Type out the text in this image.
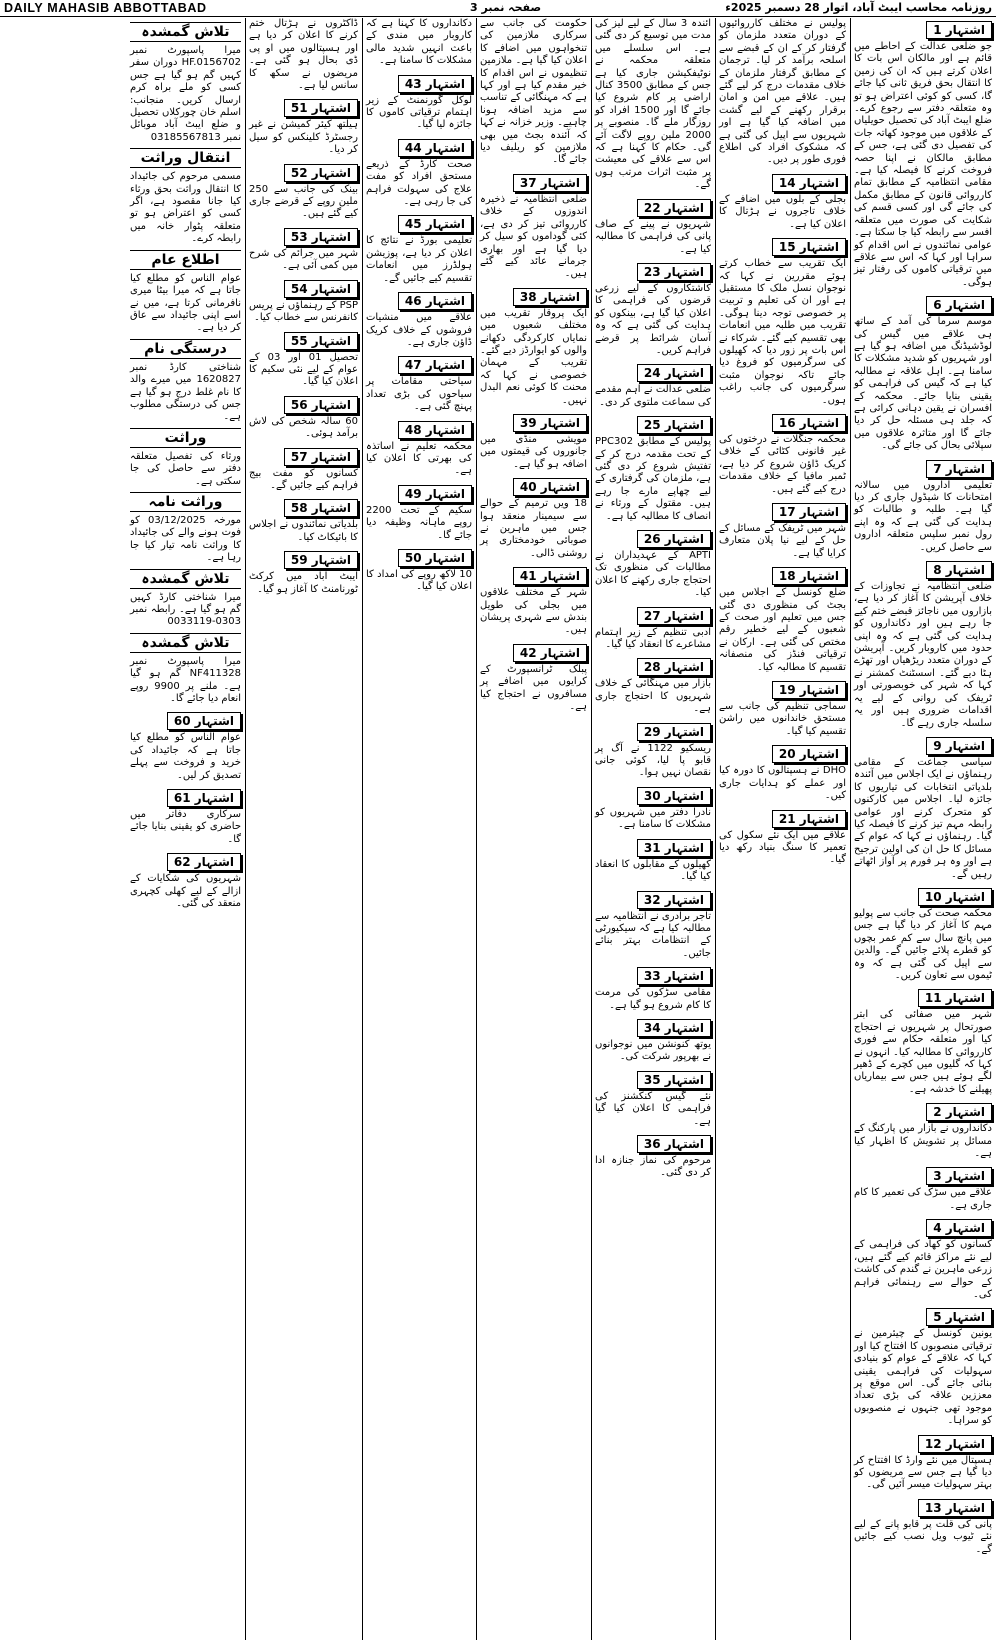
DAILY MAHASIB ABBOTTABAD	صفحہ نمبر 3	روزنامہ محاسب ایبٹ آباد، اتوار 28 دسمبر 2025ء
اشتہار 1
جو ضلعی عدالت کے احاطے میں قائم ہے اور مالکان اس بات کا اعلان کرتے ہیں کہ ان کی زمین کا انتقال بحق فریق ثانی کیا جائے گا، کسی کو کوئی اعتراض ہو تو وہ متعلقہ دفتر سے رجوع کرے۔ ضلع ایبٹ آباد کی تحصیل حویلیاں کے علاقوں میں موجود کھاتہ جات کی تفصیل دی گئی ہے، جس کے مطابق مالکان نے اپنا حصہ فروخت کرنے کا فیصلہ کیا ہے۔ مقامی انتظامیہ کے مطابق تمام کارروائی قانون کے مطابق مکمل کی جائے گی اور کسی قسم کی شکایت کی صورت میں متعلقہ افسر سے رابطہ کیا جا سکتا ہے۔ عوامی نمائندوں نے اس اقدام کو سراہا اور کہا کہ اس سے علاقے میں ترقیاتی کاموں کی رفتار تیز ہوگی۔
اشتہار 6
موسم سرما کی آمد کے ساتھ ہی علاقے میں گیس کی لوڈشیڈنگ میں اضافہ ہو گیا ہے اور شہریوں کو شدید مشکلات کا سامنا ہے۔ اہل علاقہ نے مطالبہ کیا ہے کہ گیس کی فراہمی کو یقینی بنایا جائے۔ محکمہ کے افسران نے یقین دہانی کرائی ہے کہ جلد ہی مسئلہ حل کر دیا جائے گا اور متاثرہ علاقوں میں سپلائی بحال کی جائے گی۔
اشتہار 7
تعلیمی اداروں میں سالانہ امتحانات کا شیڈول جاری کر دیا گیا ہے۔ طلبہ و طالبات کو ہدایت کی گئی ہے کہ وہ اپنے رول نمبر سلپس متعلقہ اداروں سے حاصل کریں۔
اشتہار 8
ضلعی انتظامیہ نے تجاوزات کے خلاف آپریشن کا آغاز کر دیا ہے، بازاروں میں ناجائز قبضے ختم کیے جا رہے ہیں اور دکانداروں کو ہدایت کی گئی ہے کہ وہ اپنی حدود میں کاروبار کریں۔ آپریشن کے دوران متعدد ریڑھیاں اور تھڑے ہٹا دیے گئے۔ اسسٹنٹ کمشنر نے کہا کہ شہر کی خوبصورتی اور ٹریفک کی روانی کے لیے یہ اقدامات ضروری ہیں اور یہ سلسلہ جاری رہے گا۔
اشتہار 9
سیاسی جماعت کے مقامی رہنماؤں نے ایک اجلاس میں آئندہ بلدیاتی انتخابات کی تیاریوں کا جائزہ لیا۔ اجلاس میں کارکنوں کو متحرک کرنے اور عوامی رابطہ مہم تیز کرنے کا فیصلہ کیا گیا۔ رہنماؤں نے کہا کہ عوام کے مسائل کا حل ان کی اولین ترجیح ہے اور وہ ہر فورم پر آواز اٹھاتے رہیں گے۔
اشتہار 10
محکمہ صحت کی جانب سے پولیو مہم کا آغاز کر دیا گیا ہے جس میں پانچ سال سے کم عمر بچوں کو قطرے پلائے جائیں گے۔ والدین سے اپیل کی گئی ہے کہ وہ ٹیموں سے تعاون کریں۔
اشتہار 11
شہر میں صفائی کی ابتر صورتحال پر شہریوں نے احتجاج کیا اور متعلقہ حکام سے فوری کارروائی کا مطالبہ کیا۔ انہوں نے کہا کہ گلیوں میں کچرے کے ڈھیر لگے ہوئے ہیں جس سے بیماریاں پھیلنے کا خدشہ ہے۔
اشتہار 2
دکانداروں نے بازار میں پارکنگ کے مسائل پر تشویش کا اظہار کیا ہے۔
اشتہار 3
علاقے میں سڑک کی تعمیر کا کام جاری ہے۔
اشتہار 4
کسانوں کو کھاد کی فراہمی کے لیے نئے مراکز قائم کیے گئے ہیں، زرعی ماہرین نے گندم کی کاشت کے حوالے سے رہنمائی فراہم کی۔
اشتہار 5
یونین کونسل کے چیئرمین نے ترقیاتی منصوبوں کا افتتاح کیا اور کہا کہ علاقے کے عوام کو بنیادی سہولیات کی فراہمی یقینی بنائی جائے گی۔ اس موقع پر معززین علاقہ کی بڑی تعداد موجود تھی جنہوں نے منصوبوں کو سراہا۔
اشتہار 12
ہسپتال میں نئے وارڈ کا افتتاح کر دیا گیا ہے جس سے مریضوں کو بہتر سہولیات میسر آئیں گی۔
اشتہار 13
پانی کی قلت پر قابو پانے کے لیے نئے ٹیوب ویل نصب کیے جائیں گے۔
پولیس نے مختلف کارروائیوں کے دوران متعدد ملزمان کو گرفتار کر کے ان کے قبضے سے اسلحہ برآمد کر لیا۔ ترجمان کے مطابق گرفتار ملزمان کے خلاف مقدمات درج کر لیے گئے ہیں۔ علاقے میں امن و امان برقرار رکھنے کے لیے گشت میں اضافہ کیا گیا ہے اور شہریوں سے اپیل کی گئی ہے کہ مشکوک افراد کی اطلاع فوری طور پر دیں۔
اشتہار 14
بجلی کے بلوں میں اضافے کے خلاف تاجروں نے ہڑتال کا اعلان کیا ہے۔
اشتہار 15
ایک تقریب سے خطاب کرتے ہوئے مقررین نے کہا کہ نوجوان نسل ملک کا مستقبل ہے اور ان کی تعلیم و تربیت پر خصوصی توجہ دینا ہوگی۔ تقریب میں طلبہ میں انعامات بھی تقسیم کیے گئے۔ شرکاء نے اس بات پر زور دیا کہ کھیلوں کی سرگرمیوں کو فروغ دیا جائے تاکہ نوجوان مثبت سرگرمیوں کی جانب راغب ہوں۔
اشتہار 16
محکمہ جنگلات نے درختوں کی غیر قانونی کٹائی کے خلاف کریک ڈاؤن شروع کر دیا ہے، ٹمبر مافیا کے خلاف مقدمات درج کیے گئے ہیں۔
اشتہار 17
شہر میں ٹریفک کے مسائل کے حل کے لیے نیا پلان متعارف کرایا گیا ہے۔
اشتہار 18
ضلع کونسل کے اجلاس میں بجٹ کی منظوری دی گئی جس میں تعلیم اور صحت کے شعبوں کے لیے خطیر رقم مختص کی گئی ہے۔ ارکان نے ترقیاتی فنڈز کی منصفانہ تقسیم کا مطالبہ کیا۔
اشتہار 19
سماجی تنظیم کی جانب سے مستحق خاندانوں میں راشن تقسیم کیا گیا۔
اشتہار 20
DHO نے ہسپتالوں کا دورہ کیا اور عملے کو ہدایات جاری کیں۔
اشتہار 21
علاقے میں ایک نئے سکول کی تعمیر کا سنگ بنیاد رکھ دیا گیا۔
آئندہ 3 سال کے لیے لیز کی مدت میں توسیع کر دی گئی ہے۔ اس سلسلے میں متعلقہ محکمہ نے نوٹیفکیشن جاری کیا ہے جس کے مطابق 3500 کنال اراضی پر کام شروع کیا جائے گا اور 1500 افراد کو روزگار ملے گا۔ منصوبے پر 2000 ملین روپے لاگت آئے گی۔ حکام کا کہنا ہے کہ اس سے علاقے کی معیشت پر مثبت اثرات مرتب ہوں گے۔
اشتہار 22
شہریوں نے پینے کے صاف پانی کی فراہمی کا مطالبہ کیا ہے۔
اشتہار 23
کاشتکاروں کے لیے زرعی قرضوں کی فراہمی کا اعلان کیا گیا ہے، بینکوں کو ہدایت کی گئی ہے کہ وہ آسان شرائط پر قرضے فراہم کریں۔
اشتہار 24
ضلعی عدالت نے اہم مقدمے کی سماعت ملتوی کر دی۔
اشتہار 25
پولیس کے مطابق PPC302 کے تحت مقدمہ درج کر کے تفتیش شروع کر دی گئی ہے، ملزمان کی گرفتاری کے لیے چھاپے مارے جا رہے ہیں۔ مقتول کے ورثاء نے انصاف کا مطالبہ کیا ہے۔
اشتہار 26
APTI کے عہدیداران نے مطالبات کی منظوری تک احتجاج جاری رکھنے کا اعلان کیا۔
اشتہار 27
ادبی تنظیم کے زیر اہتمام مشاعرے کا انعقاد کیا گیا۔
اشتہار 28
بازار میں مہنگائی کے خلاف شہریوں کا احتجاج جاری ہے۔
اشتہار 29
ریسکیو 1122 نے آگ پر قابو پا لیا، کوئی جانی نقصان نہیں ہوا۔
اشتہار 30
نادرا دفتر میں شہریوں کو مشکلات کا سامنا ہے۔
اشتہار 31
کھیلوں کے مقابلوں کا انعقاد کیا گیا۔
اشتہار 32
تاجر برادری نے انتظامیہ سے مطالبہ کیا ہے کہ سیکیورٹی کے انتظامات بہتر بنائے جائیں۔
اشتہار 33
مقامی سڑکوں کی مرمت کا کام شروع ہو گیا ہے۔
اشتہار 34
یوتھ کنونشن میں نوجوانوں نے بھرپور شرکت کی۔
اشتہار 35
نئے گیس کنکشنز کی فراہمی کا اعلان کیا گیا ہے۔
اشتہار 36
مرحوم کی نماز جنازہ ادا کر دی گئی۔
حکومت کی جانب سے سرکاری ملازمین کی تنخواہوں میں اضافے کا اعلان کیا گیا ہے۔ ملازمین تنظیموں نے اس اقدام کا خیر مقدم کیا ہے اور کہا ہے کہ مہنگائی کے تناسب سے مزید اضافہ ہونا چاہیے۔ وزیر خزانہ نے کہا کہ آئندہ بجٹ میں بھی ملازمین کو ریلیف دیا جائے گا۔
اشتہار 37
ضلعی انتظامیہ نے ذخیرہ اندوزوں کے خلاف کارروائی تیز کر دی ہے، کئی گوداموں کو سیل کر دیا گیا ہے اور بھاری جرمانے عائد کیے گئے ہیں۔
اشتہار 38
ایک پروقار تقریب میں مختلف شعبوں میں نمایاں کارکردگی دکھانے والوں کو ایوارڈز دیے گئے۔ تقریب کے مہمان خصوصی نے کہا کہ محنت کا کوئی نعم البدل نہیں۔
اشتہار 39
مویشی منڈی میں جانوروں کی قیمتوں میں اضافہ ہو گیا ہے۔
اشتہار 40
18 ویں ترمیم کے حوالے سے سیمینار منعقد ہوا جس میں ماہرین نے صوبائی خودمختاری پر روشنی ڈالی۔
اشتہار 41
شہر کے مختلف علاقوں میں بجلی کی طویل بندش سے شہری پریشان ہیں۔
اشتہار 42
پبلک ٹرانسپورٹ کے کرایوں میں اضافے پر مسافروں نے احتجاج کیا ہے۔
دکانداروں کا کہنا ہے کہ کاروبار میں مندی کے باعث انہیں شدید مالی مشکلات کا سامنا ہے۔
اشتہار 43
لوکل گورنمنٹ کے زیر اہتمام ترقیاتی کاموں کا جائزہ لیا گیا۔
اشتہار 44
صحت کارڈ کے ذریعے مستحق افراد کو مفت علاج کی سہولت فراہم کی جا رہی ہے۔
اشتہار 45
تعلیمی بورڈ نے نتائج کا اعلان کر دیا ہے، پوزیشن ہولڈرز میں انعامات تقسیم کیے جائیں گے۔
اشتہار 46
علاقے میں منشیات فروشوں کے خلاف کریک ڈاؤن جاری ہے۔
اشتہار 47
سیاحتی مقامات پر سیاحوں کی بڑی تعداد پہنچ گئی ہے۔
اشتہار 48
محکمہ تعلیم نے اساتذہ کی بھرتی کا اعلان کیا ہے۔
اشتہار 49
سکیم کے تحت 2200 روپے ماہانہ وظیفہ دیا جائے گا۔
اشتہار 50
10 لاکھ روپے کی امداد کا اعلان کیا گیا۔
ڈاکٹروں نے ہڑتال ختم کرنے کا اعلان کر دیا ہے اور ہسپتالوں میں او پی ڈی بحال ہو گئی ہے۔ مریضوں نے سکھ کا سانس لیا ہے۔
اشتہار 51
ہیلتھ کیئر کمیشن نے غیر رجسٹرڈ کلینکس کو سیل کر دیا۔
اشتہار 52
بینک کی جانب سے 250 ملین روپے کے قرضے جاری کیے گئے ہیں۔
اشتہار 53
شہر میں جرائم کی شرح میں کمی آئی ہے۔
اشتہار 54
PSP کے رہنماؤں نے پریس کانفرنس سے خطاب کیا۔
اشتہار 55
تحصیل 01 اور 03 کے عوام کے لیے نئی سکیم کا اعلان کیا گیا۔
اشتہار 56
60 سالہ شخص کی لاش برآمد ہوئی۔
اشتہار 57
کسانوں کو مفت بیج فراہم کیے جائیں گے۔
اشتہار 58
بلدیاتی نمائندوں نے اجلاس کا بائیکاٹ کیا۔
اشتہار 59
ایبٹ آباد میں کرکٹ ٹورنامنٹ کا آغاز ہو گیا۔
تلاش گمشدہ
میرا پاسپورٹ نمبر HF.0156702 دوران سفر کہیں گم ہو گیا ہے جس کسی کو ملے براہ کرم ارسال کریں۔ منجانب: اسلم خان چورکلاں تحصیل و ضلع ایبٹ آباد موبائل نمبر 03185567813
انتقال وراثت
مسمی مرحوم کی جائیداد کا انتقال وراثت بحق ورثاء کیا جانا مقصود ہے، اگر کسی کو اعتراض ہو تو متعلقہ پٹوار خانہ میں رابطہ کرے۔
اطلاع عام
عوام الناس کو مطلع کیا جاتا ہے کہ میرا بیٹا میری نافرمانی کرتا ہے، میں نے اسے اپنی جائیداد سے عاق کر دیا ہے۔
درستگی نام
شناختی کارڈ نمبر 1620827 میں میرے والد کا نام غلط درج ہو گیا ہے جس کی درستگی مطلوب ہے۔
وراثت
ورثاء کی تفصیل متعلقہ دفتر سے حاصل کی جا سکتی ہے۔
وراثت نامہ
مورخہ 03/12/2025 کو فوت ہونے والے کی جائیداد کا وراثت نامہ تیار کیا جا رہا ہے۔
تلاش گمشدہ
میرا شناختی کارڈ کہیں گم ہو گیا ہے۔ رابطہ نمبر 0303-0033119
تلاش گمشدہ
میرا پاسپورٹ نمبر NF411328 گم ہو گیا ہے۔ ملنے پر 9900 روپے انعام دیا جائے گا۔
اشتہار 60
عوام الناس کو مطلع کیا جاتا ہے کہ جائیداد کی خرید و فروخت سے پہلے تصدیق کر لیں۔
اشتہار 61
سرکاری دفاتر میں حاضری کو یقینی بنایا جائے گا۔
اشتہار 62
شہریوں کی شکایات کے ازالے کے لیے کھلی کچہری منعقد کی گئی۔
